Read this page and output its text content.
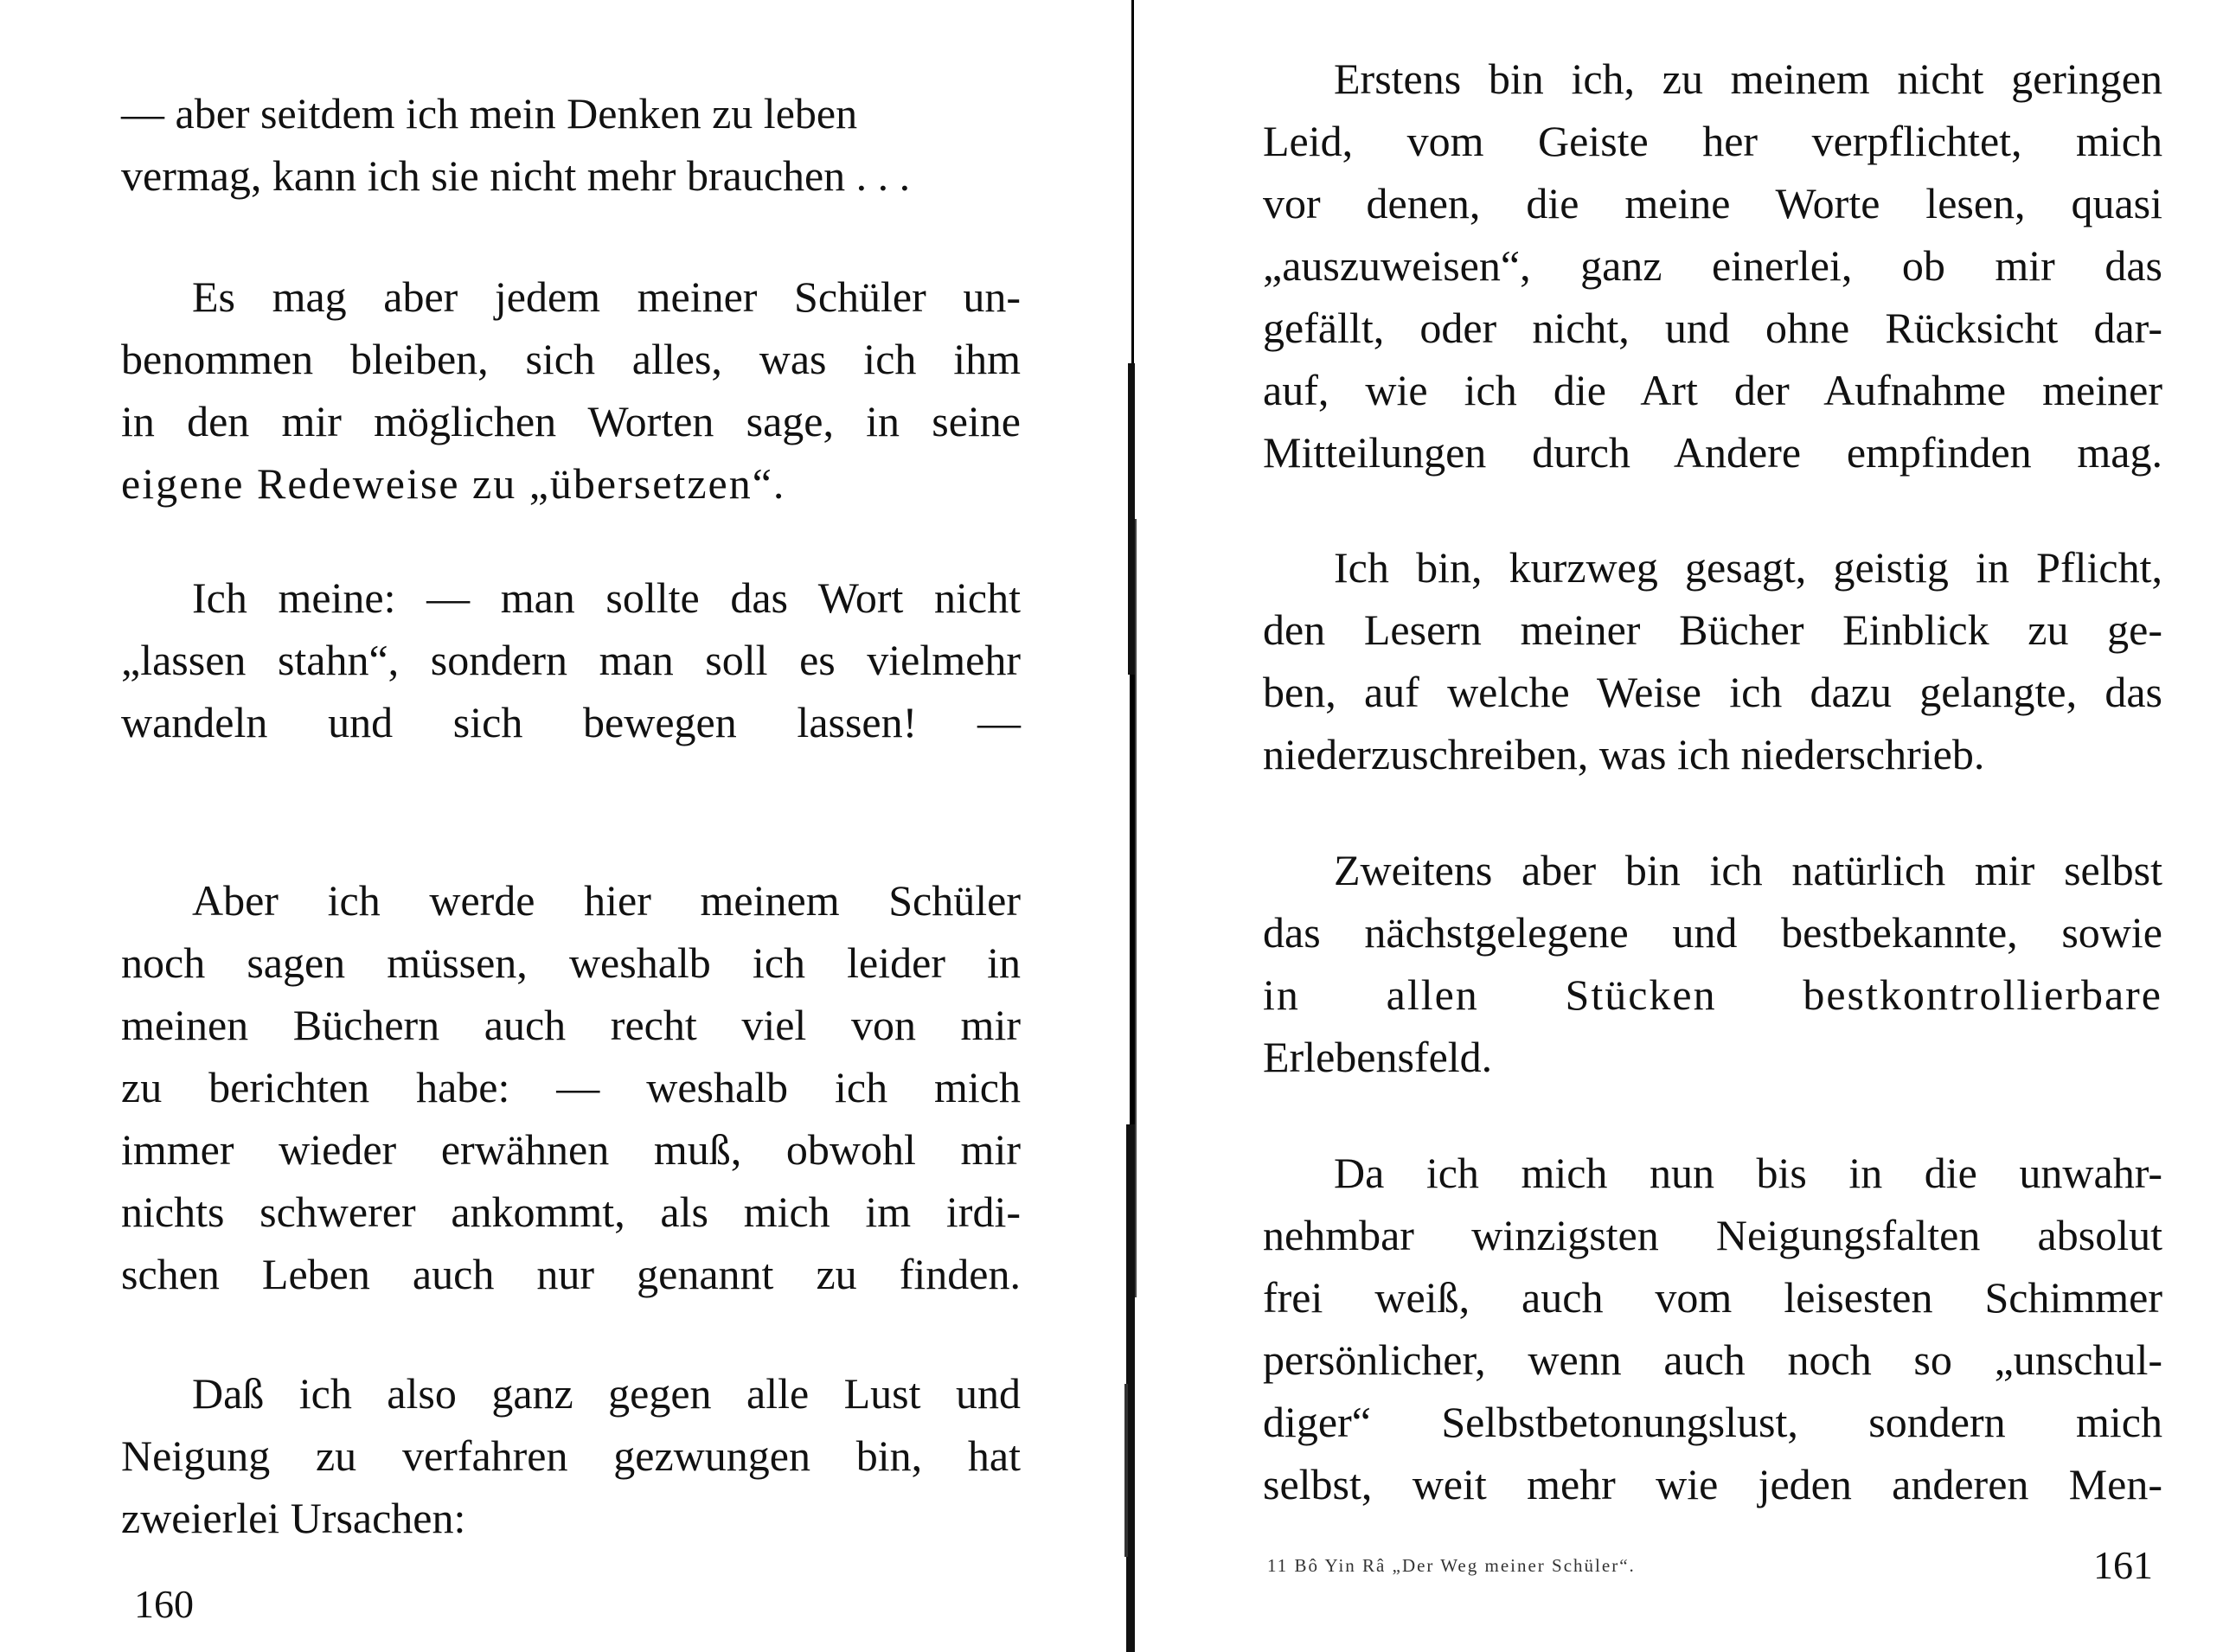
— aber seitdem ich mein Denken zu leben
vermag, kann ich sie nicht mehr brauchen . . .
Es mag aber jedem meiner Schüler un-
benommen bleiben, sich alles, was ich ihm
in den mir möglichen Worten sage, in seine
eigene Redeweise zu „übersetzen“.
Ich meine: — man sollte das Wort nicht
„lassen stahn“, sondern man soll es vielmehr
wandeln und sich bewegen lassen! —
Aber ich werde hier meinem Schüler
noch sagen müssen, weshalb ich leider in
meinen Büchern auch recht viel von mir
zu berichten habe: — weshalb ich mich
immer wieder erwähnen muß, obwohl mir
nichts schwerer ankommt, als mich im irdi-
schen Leben auch nur genannt zu finden.
Daß ich also ganz gegen alle Lust und
Neigung zu verfahren gezwungen bin, hat
zweierlei Ursachen:
160
Erstens bin ich, zu meinem nicht geringen
Leid, vom Geiste her verpflichtet, mich
vor denen, die meine Worte lesen, quasi
„auszuweisen“, ganz einerlei, ob mir das
gefällt, oder nicht, und ohne Rücksicht dar-
auf, wie ich die Art der Aufnahme meiner
Mitteilungen durch Andere empfinden mag.
Ich bin, kurzweg gesagt, geistig in Pflicht,
den Lesern meiner Bücher Einblick zu ge-
ben, auf welche Weise ich dazu gelangte, das
niederzuschreiben, was ich niederschrieb.
Zweitens aber bin ich natürlich mir selbst
das nächstgelegene und bestbekannte, sowie
in allen Stücken bestkontrollierbare
Erlebensfeld.
Da ich mich nun bis in die unwahr-
nehmbar winzigsten Neigungsfalten absolut
frei weiß, auch vom leisesten Schimmer
persönlicher, wenn auch noch so „unschul-
diger“ Selbstbetonungslust, sondern mich
selbst, weit mehr wie jeden anderen Men-
11 Bô Yin Râ „Der Weg meiner Schüler“.	161
